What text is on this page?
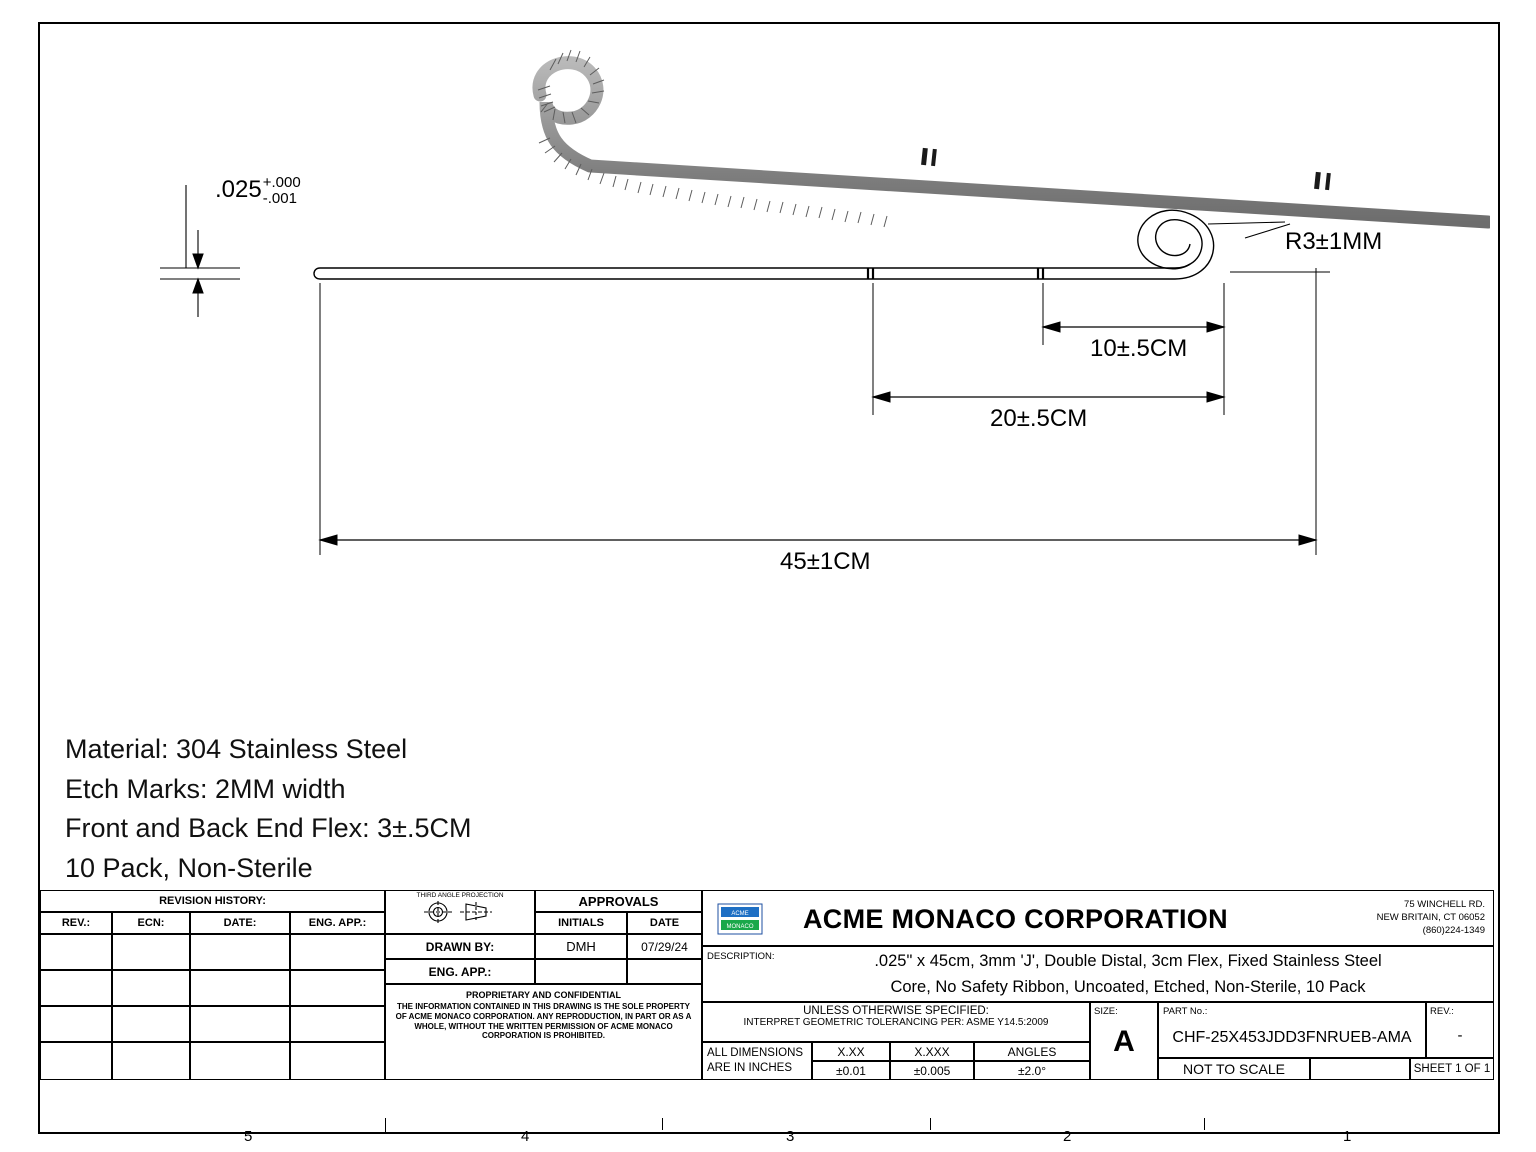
.025 +.000
-.001
R3±1MM
10±.5CM
20±.5CM
45±1CM
Material: 304 Stainless Steel
Etch Marks: 2MM width
Front and Back End Flex: 3±.5CM
10 Pack, Non-Sterile
REVISION HISTORY:
REV.:	ECN:	DATE:	ENG. APP.:
THIRD ANGLE PROJECTION	APPROVALS
INITIALS	DATE
DRAWN BY:	DMH	07/29/24
ENG. APP.:
PROPRIETARY AND CONFIDENTIAL
THE INFORMATION CONTAINED IN THIS DRAWING IS THE SOLE PROPERTY OF ACME MONACO CORPORATION. ANY REPRODUCTION, IN PART OR AS A WHOLE, WITHOUT THE WRITTEN PERMISSION OF ACME MONACO CORPORATION IS PROHIBITED.
ACME
MONACO ACME MONACO CORPORATION	75 WINCHELL RD.
NEW BRITAIN, CT 06052
(860)224-1349
DESCRIPTION:	.025" x 45cm, 3mm 'J', Double Distal, 3cm Flex, Fixed Stainless Steel
Core, No Safety Ribbon, Uncoated, Etched, Non-Sterile, 10 Pack
UNLESS OTHERWISE SPECIFIED:
INTERPRET GEOMETRIC TOLERANCING PER: ASME Y14.5:2009
ALL DIMENSIONS
ARE IN INCHES
X.XX	X.XXX	ANGLES
±0.01	±0.005	±2.0°
SIZE:
A
PART No.:
CHF-25X453JDD3FNRUEB-AMA
REV.:
-
NOT TO SCALE	SHEET 1 OF 1
5	4	3	2	1
